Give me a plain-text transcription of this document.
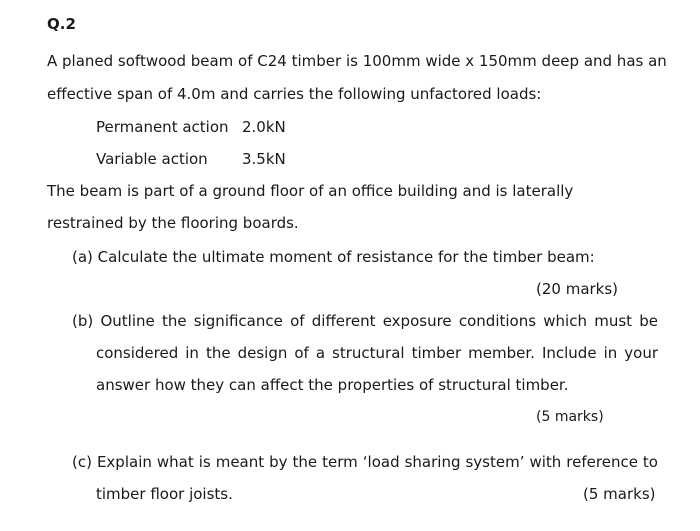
Q.2
A planed softwood beam of C24 timber is 100mm wide x 150mm deep and has an
effective span of 4.0m and carries the following unfactored loads:
Permanent action 2.0kN
Variable action 3.5kN
The beam is part of a ground floor of an office building and is laterally
restrained by the flooring boards.
(a) Calculate the ultimate moment of resistance for the timber beam:
(20 marks)
(b) Outline the significance of different exposure conditions which must be
considered in the design of a structural timber member. Include in your
answer how they can affect the properties of structural timber.
(5 marks)
(c) Explain what is meant by the term ‘load sharing system’ with reference to
timber floor joists.	(5 marks)
